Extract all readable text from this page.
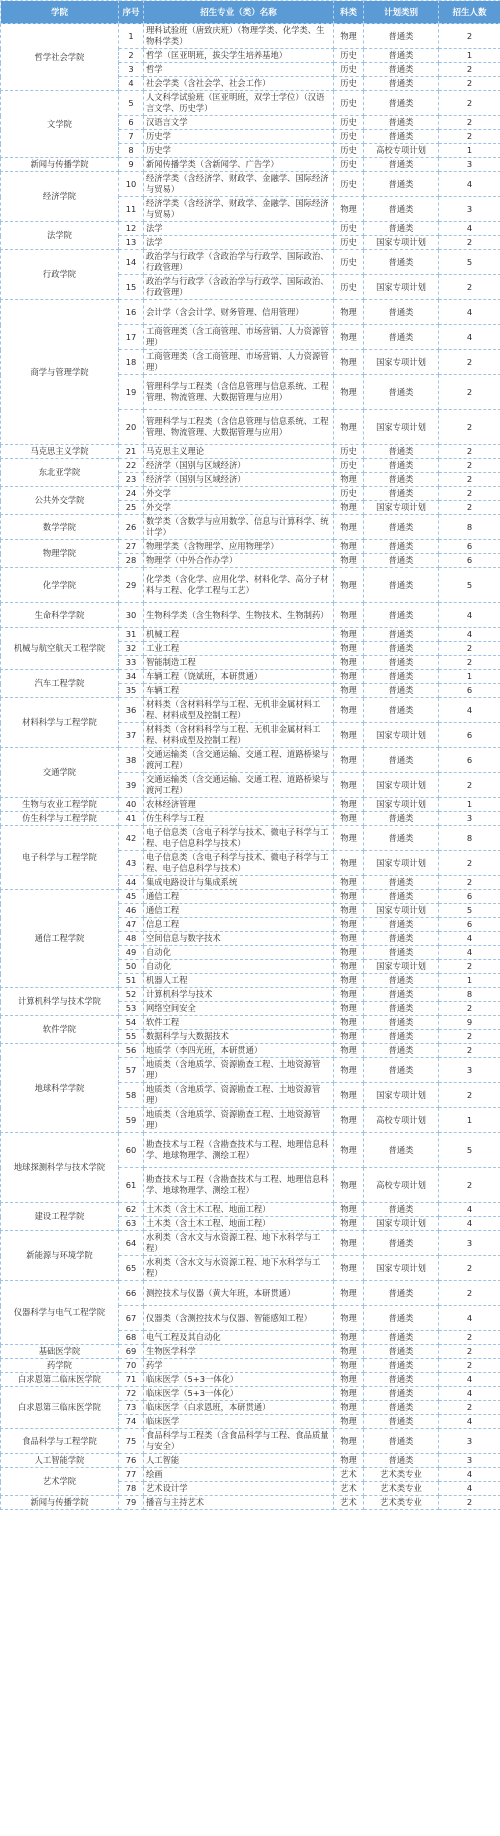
学院	序号	招生专业（类）名称	科类	计划类别	招生人数
哲学社会学院	1	理科试验班（唐致庆班）（物理学类、化学类、生物科学类）	物理	普通类	2
	2	哲学（匡亚明班，拔尖学生培养基地）	历史	普通类	1
	3	哲学	历史	普通类	2
	4	社会学类（含社会学、社会工作）	历史	普通类	2
文学院	5	人文科学试验班（匡亚明班，双学士学位）（汉语言文学、历史学）	历史	普通类	2
	6	汉语言文学	历史	普通类	2
	7	历史学	历史	普通类	2
	8	历史学	历史	高校专项计划	1
新闻与传播学院	9	新闻传播学类（含新闻学、广告学）	历史	普通类	3
经济学院	10	经济学类（含经济学、财政学、金融学、国际经济与贸易）	历史	普通类	4
	11	经济学类（含经济学、财政学、金融学、国际经济与贸易）	物理	普通类	3
法学院	12	法学	历史	普通类	4
	13	法学	历史	国家专项计划	2
行政学院	14	政治学与行政学（含政治学与行政学、国际政治、行政管理）	历史	普通类	5
	15	政治学与行政学（含政治学与行政学、国际政治、行政管理）	历史	国家专项计划	2
商学与管理学院	16	会计学（含会计学、财务管理、信用管理）	物理	普通类	4
	17	工商管理类（含工商管理、市场营销、人力资源管理）	物理	普通类	4
	18	工商管理类（含工商管理、市场营销、人力资源管理）	物理	国家专项计划	2
	19	管理科学与工程类（含信息管理与信息系统、工程管理、物流管理、大数据管理与应用）	物理	普通类	2
	20	管理科学与工程类（含信息管理与信息系统、工程管理、物流管理、大数据管理与应用）	物理	国家专项计划	2
马克思主义学院	21	马克思主义理论	历史	普通类	2
东北亚学院	22	经济学（国别与区域经济）	历史	普通类	2
	23	经济学（国别与区域经济）	物理	普通类	2
公共外交学院	24	外交学	历史	普通类	2
	25	外交学	物理	国家专项计划	2
数学学院	26	数学类（含数学与应用数学、信息与计算科学、统计学）	物理	普通类	8
物理学院	27	物理学类（含物理学、应用物理学）	物理	普通类	6
	28	物理学（中外合作办学）	物理	普通类	6
化学学院	29	化学类（含化学、应用化学、材料化学、高分子材料与工程、化学工程与工艺）	物理	普通类	5
生命科学学院	30	生物科学类（含生物科学、生物技术、生物制药）	物理	普通类	4
机械与航空航天工程学院	31	机械工程	物理	普通类	4
	32	工业工程	物理	普通类	2
	33	智能制造工程	物理	普通类	2
汽车工程学院	34	车辆工程（饶斌班，本研贯通）	物理	普通类	1
	35	车辆工程	物理	普通类	6
材料科学与工程学院	36	材料类（含材料科学与工程、无机非金属材料工程、材料成型及控制工程）	物理	普通类	4
	37	材料类（含材料科学与工程、无机非金属材料工程、材料成型及控制工程）	物理	国家专项计划	6
交通学院	38	交通运输类（含交通运输、交通工程、道路桥梁与渡河工程）	物理	普通类	6
	39	交通运输类（含交通运输、交通工程、道路桥梁与渡河工程）	物理	国家专项计划	2
生物与农业工程学院	40	农林经济管理	物理	国家专项计划	1
仿生科学与工程学院	41	仿生科学与工程	物理	普通类	3
电子科学与工程学院	42	电子信息类（含电子科学与技术、微电子科学与工程、电子信息科学与技术）	物理	普通类	8
	43	电子信息类（含电子科学与技术、微电子科学与工程、电子信息科学与技术）	物理	国家专项计划	2
	44	集成电路设计与集成系统	物理	普通类	2
通信工程学院	45	通信工程	物理	普通类	6
	46	通信工程	物理	国家专项计划	5
	47	信息工程	物理	普通类	6
	48	空间信息与数字技术	物理	普通类	4
	49	自动化	物理	普通类	4
	50	自动化	物理	国家专项计划	2
	51	机器人工程	物理	普通类	1
计算机科学与技术学院	52	计算机科学与技术	物理	普通类	8
	53	网络空间安全	物理	普通类	2
软件学院	54	软件工程	物理	普通类	9
	55	数据科学与大数据技术	物理	普通类	2
地球科学学院	56	地质学（李四光班，本研贯通）	物理	普通类	2
	57	地质类（含地质学、资源勘查工程、土地资源管理）	物理	普通类	3
	58	地质类（含地质学、资源勘查工程、土地资源管理）	物理	国家专项计划	2
	59	地质类（含地质学、资源勘查工程、土地资源管理）	物理	高校专项计划	1
地球探测科学与技术学院	60	勘查技术与工程（含勘查技术与工程、地理信息科学、地球物理学、测绘工程）	物理	普通类	5
	61	勘查技术与工程（含勘查技术与工程、地理信息科学、地球物理学、测绘工程）	物理	高校专项计划	2
建设工程学院	62	土木类（含土木工程、地面工程）	物理	普通类	4
	63	土木类（含土木工程、地面工程）	物理	国家专项计划	4
新能源与环境学院	64	水利类（含水文与水资源工程、地下水科学与工程）	物理	普通类	3
	65	水利类（含水文与水资源工程、地下水科学与工程）	物理	国家专项计划	2
仪器科学与电气工程学院	66	测控技术与仪器（黄大年班，本研贯通）	物理	普通类	2
	67	仪器类（含测控技术与仪器、智能感知工程）	物理	普通类	4
	68	电气工程及其自动化	物理	普通类	2
基础医学院	69	生物医学科学	物理	普通类	2
药学院	70	药学	物理	普通类	2
白求恩第二临床医学院	71	临床医学（5+3一体化）	物理	普通类	4
白求恩第三临床医学院	72	临床医学（5+3一体化）	物理	普通类	4
	73	临床医学（白求恩班，本研贯通）	物理	普通类	2
	74	临床医学	物理	普通类	4
食品科学与工程学院	75	食品科学与工程类（含食品科学与工程、食品质量与安全）	物理	普通类	3
人工智能学院	76	人工智能	物理	普通类	3
艺术学院	77	绘画	艺术	艺术类专业	4
	78	艺术设计学	艺术	艺术类专业	4
新闻与传播学院	79	播音与主持艺术	艺术	艺术类专业	2
